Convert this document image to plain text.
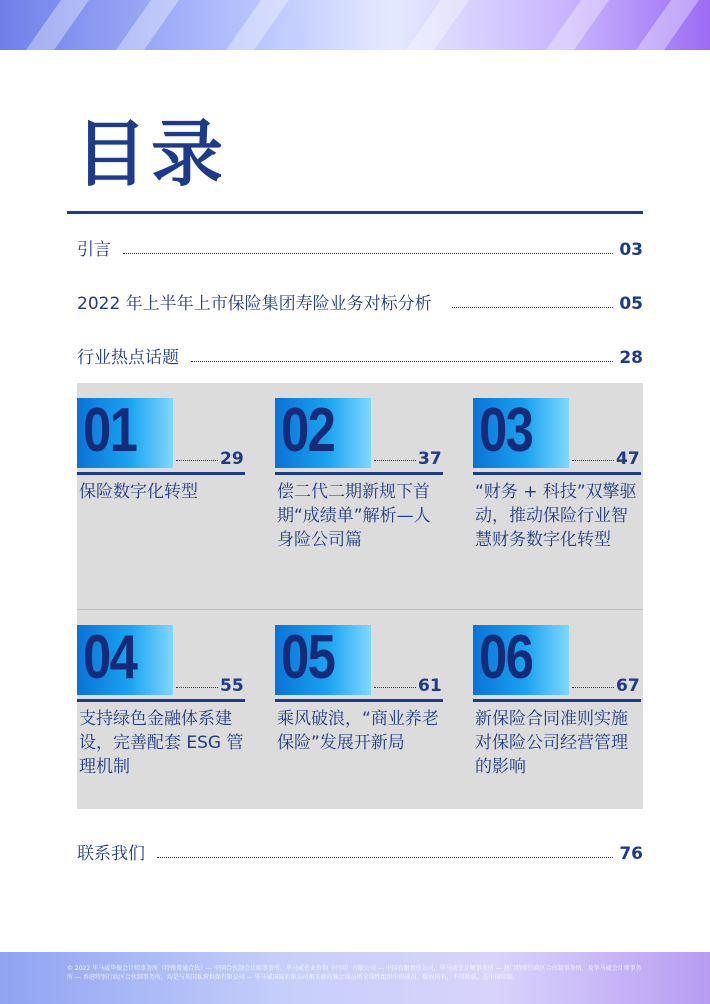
目录
引言	03
2022 年上半年上市保险集团寿险业务对标分析	05
行业热点话题	28
01	29
保险数字化转型
02	37
偿二代二期新规下首期“成绩单”解析—人身险公司篇
03	47
“财务 + 科技”双擎驱动，推动保险行业智慧财务数字化转型
04	55
支持绿色金融体系建设，完善配套 ESG 管理机制
05	61
乘风破浪，“商业养老保险”发展开新局
06	67
新保险合同准则实施对保险公司经营管理的影响
联系我们	76
© 2022 毕马威华振会计师事务所（特殊普通合伙）— 中国合伙制会计师事务所，毕马威企业咨询（中国）有限公司 — 中国有限责任公司，毕马威会计师事务所 — 澳门特别行政区合伙制事务所，及毕马威会计师事务所 — 香港特别行政区合伙制事务所，均是与英国私营担保有限公司 — 毕马威国际有限公司相关联的独立成员所全球性组织中的成员。版权所有，不得转载。在中国印制。
